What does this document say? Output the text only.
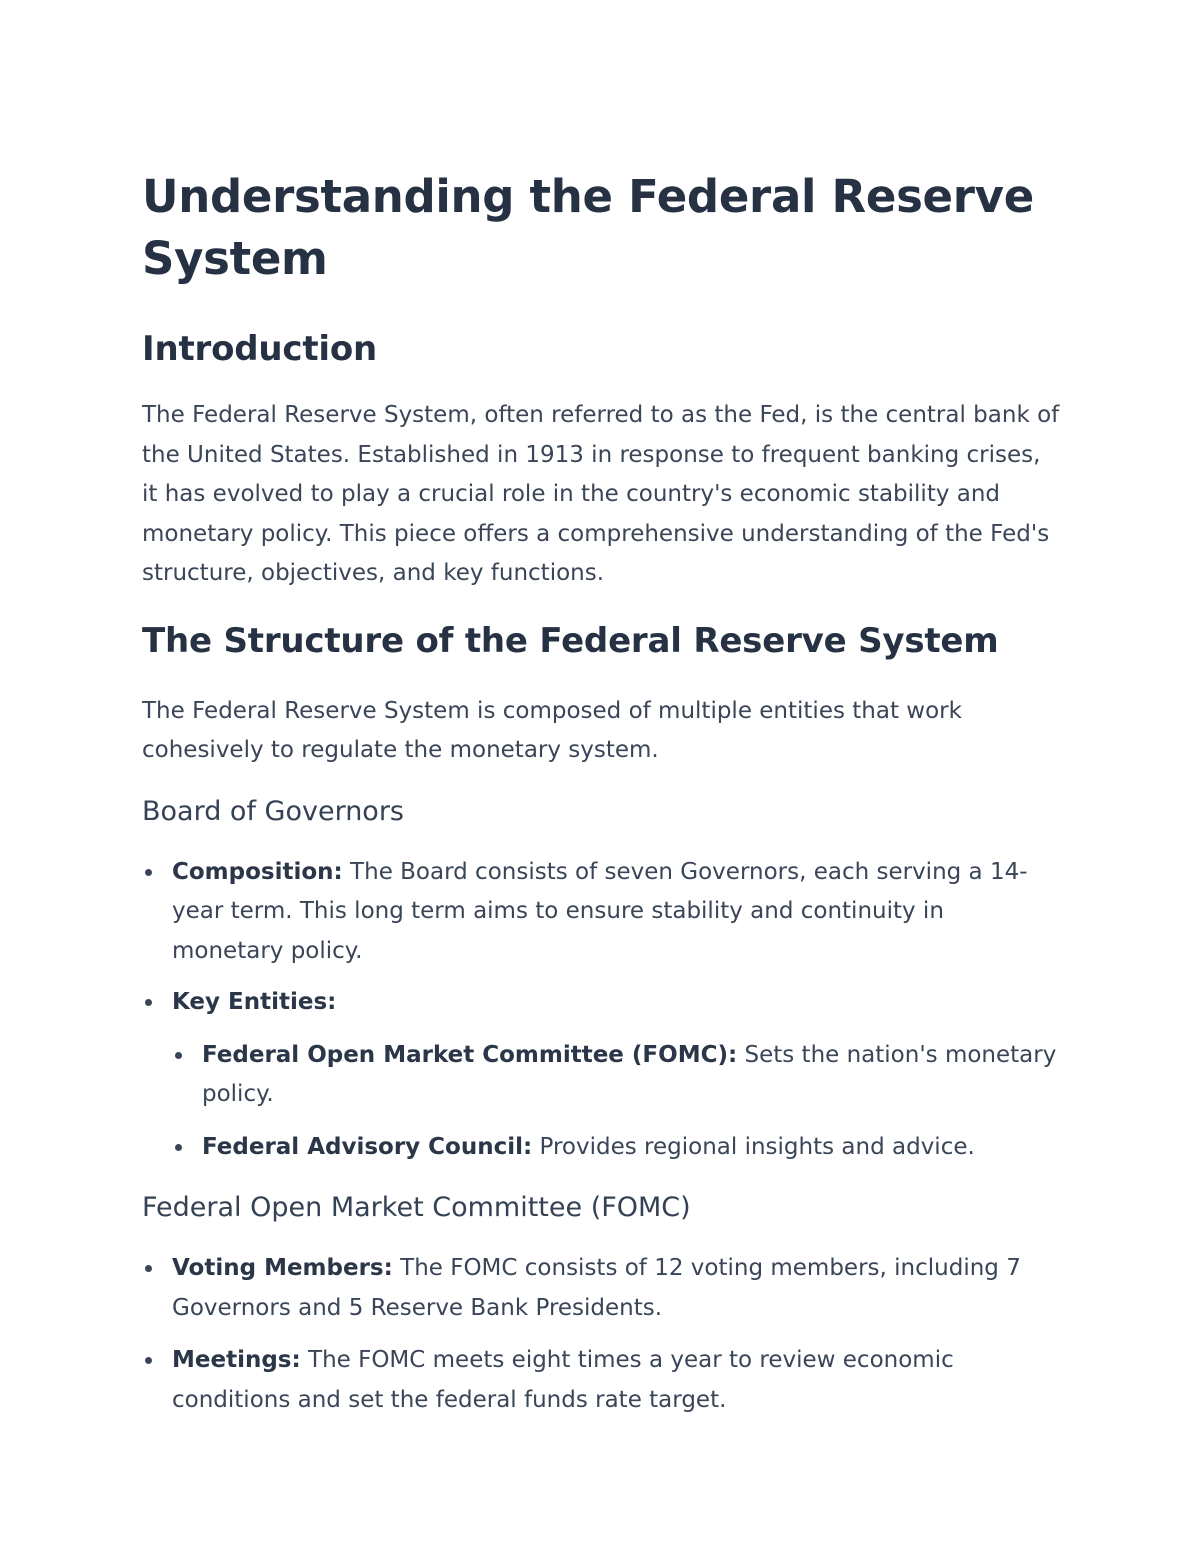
Understanding the Federal Reserve System
Introduction

The Federal Reserve System, often referred to as the Fed, is the central bank of the United States. Established in 1913 in response to frequent banking crises, it has evolved to play a crucial role in the country's economic stability and monetary policy. This piece offers a comprehensive understanding of the Fed's structure, objectives, and key functions.

The Structure of the Federal Reserve System

The Federal Reserve System is composed of multiple entities that work cohesively to regulate the monetary system.

Board of Governors
Composition: The Board consists of seven Governors, each serving a 14-year term. This long term aims to ensure stability and continuity in monetary policy.
Key Entities:
Federal Open Market Committee (FOMC): Sets the nation's monetary policy.
Federal Advisory Council: Provides regional insights and advice.
Federal Open Market Committee (FOMC)
Voting Members: The FOMC consists of 12 voting members, including 7 Governors and 5 Reserve Bank Presidents.
Meetings: The FOMC meets eight times a year to review economic conditions and set the federal funds rate target.
